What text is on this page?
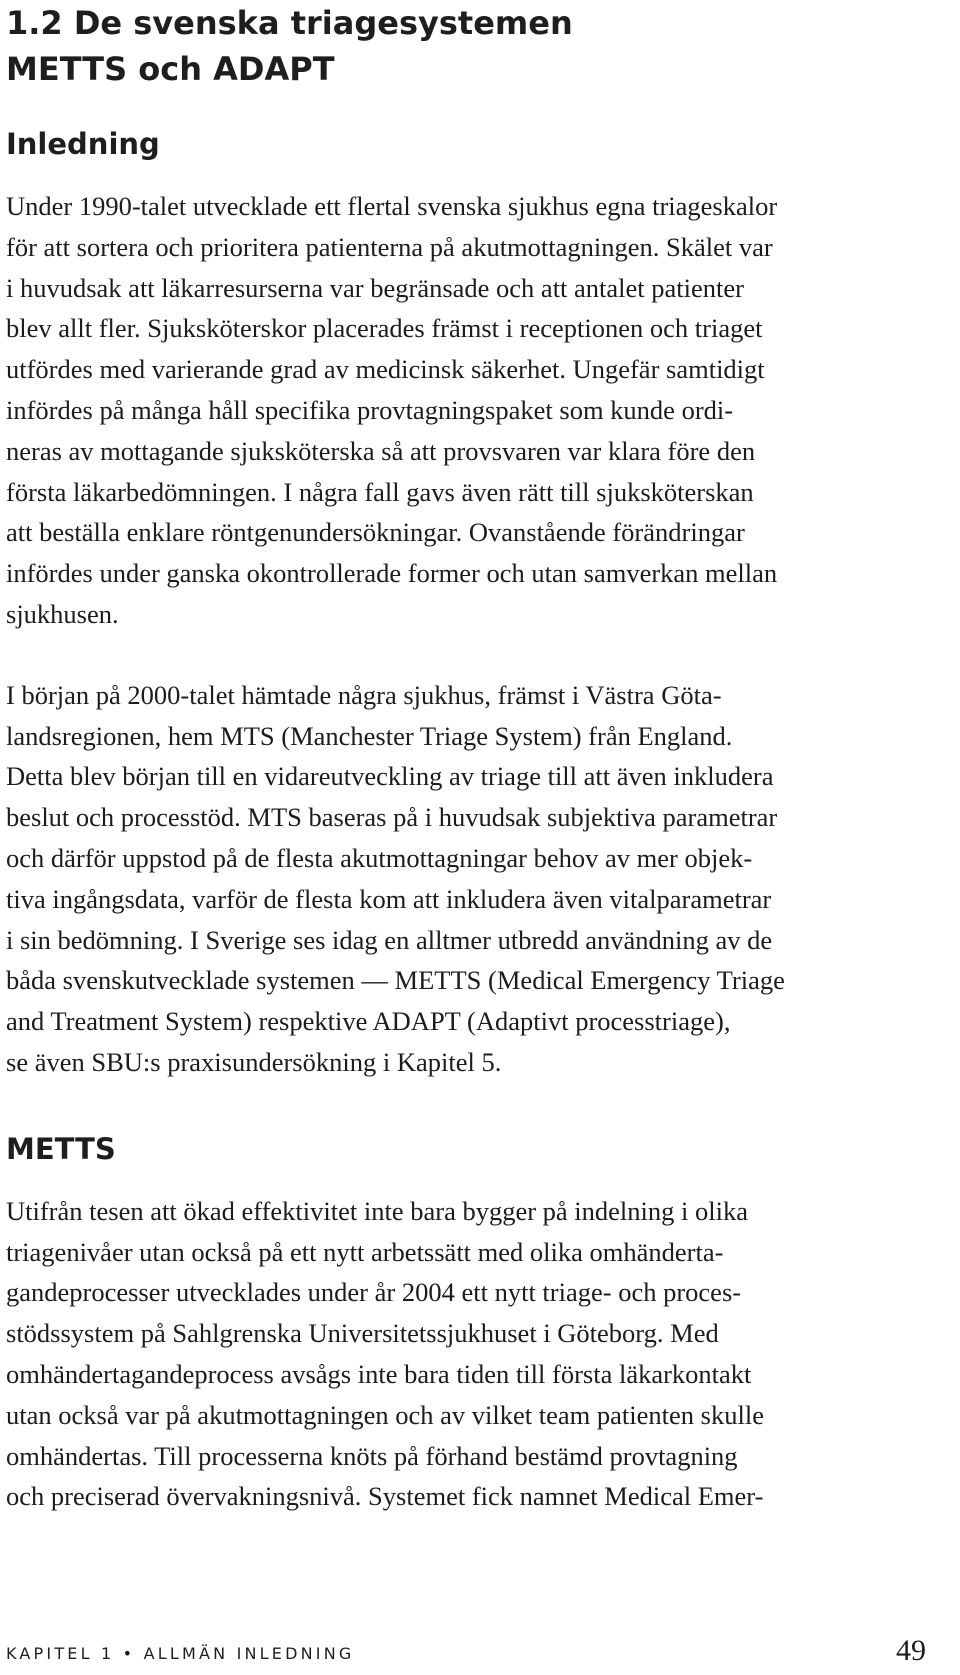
1.2 De svenska triagesystemen
METTS och ADAPT
Inledning

Under 1990-talet utvecklade ett flertal svenska sjukhus egna triageskalor
för att sortera och prioritera patienterna på akutmottagningen. Skälet var
i huvudsak att läkarresurserna var begränsade och att antalet patienter
blev allt fler. Sjuksköterskor placerades främst i receptionen och triaget
utfördes med varierande grad av medicinsk säkerhet. Ungefär samtidigt
infördes på många håll specifika provtagningspaket som kunde ordi-
neras av mottagande sjuksköterska så att provsvaren var klara före den
första läkarbedömningen. I några fall gavs även rätt till sjuksköterskan
att beställa enklare röntgenundersökningar. Ovanstående förändringar
infördes under ganska okontrollerade former och utan samverkan mellan
sjukhusen.

I början på 2000-talet hämtade några sjukhus, främst i Västra Göta-
landsregionen, hem MTS (Manchester Triage System) från England.
Detta blev början till en vidareutveckling av triage till att även inkludera
beslut och processtöd. MTS baseras på i huvudsak subjektiva parametrar
och därför uppstod på de flesta akutmottagningar behov av mer objek-
tiva ingångsdata, varför de flesta kom att inkludera även vitalparametrar
i sin bedömning. I Sverige ses idag en alltmer utbredd användning av de
båda svenskutvecklade systemen — METTS (Medical Emergency Triage
and Treatment System) respektive ADAPT (Adaptivt processtriage),
se även SBU:s praxisundersökning i Kapitel 5.

METTS

Utifrån tesen att ökad effektivitet inte bara bygger på indelning i olika
triagenivåer utan också på ett nytt arbetssätt med olika omhänderta-
gandeprocesser utvecklades under år 2004 ett nytt triage- och proces-
stödssystem på Sahlgrenska Universitetssjukhuset i Göteborg. Med
omhändertagandeprocess avsågs inte bara tiden till första läkarkontakt
utan också var på akutmottagningen och av vilket team patienten skulle
omhändertas. Till processerna knöts på förhand bestämd provtagning
och preciserad övervakningsnivå. Systemet fick namnet Medical Emer-

KAPITEL 1 • ALLMÄN INLEDNING	49
